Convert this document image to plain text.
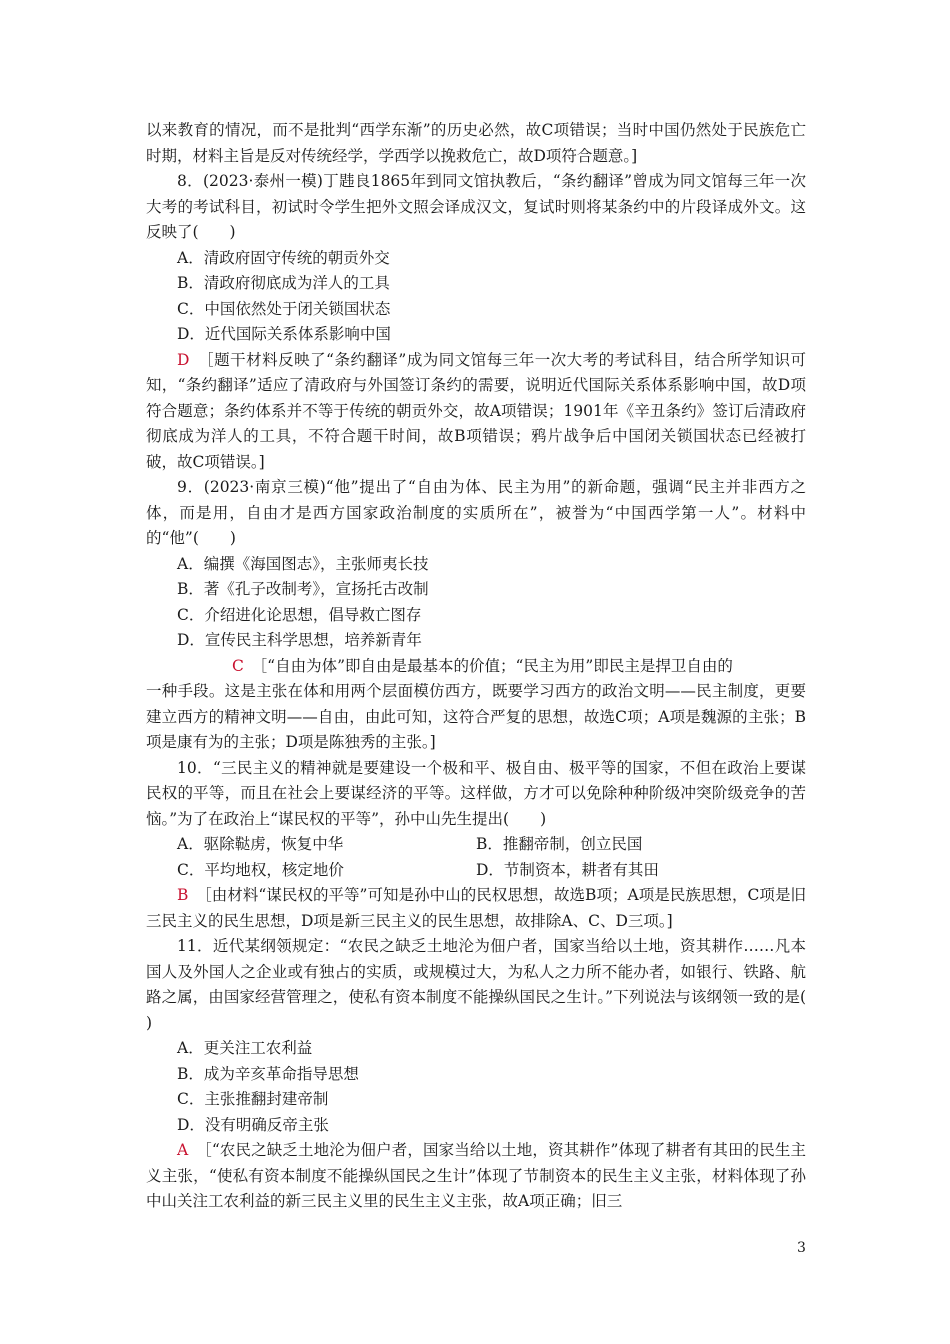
以来教育的情况，而不是批判“西学东渐”的历史必然，故C项错误；当时中国仍然处于民族危亡时期，材料主旨是反对传统经学，学西学以挽救危亡，故D项符合题意。]

8．(2023·泰州一模)丁韪良1865年到同文馆执教后，“条约翻译”曾成为同文馆每三年一次大考的考试科目，初试时令学生把外文照会译成汉文，复试时则将某条约中的片段译成外文。这反映了(　　)

A．清政府固守传统的朝贡外交

B．清政府彻底成为洋人的工具

C．中国依然处于闭关锁国状态

D．近代国际关系体系影响中国

D　 ［题干材料反映了“条约翻译”成为同文馆每三年一次大考的考试科目，结合所学知识可知，“条约翻译”适应了清政府与外国签订条约的需要，说明近代国际关系体系影响中国，故D项符合题意；条约体系并不等于传统的朝贡外交，故A项错误；1901年《辛丑条约》签订后清政府彻底成为洋人的工具，不符合题干时间，故B项错误；鸦片战争后中国闭关锁国状态已经被打破，故C项错误。]

9．(2023·南京三模)“他”提出了“自由为体、民主为用”的新命题，强调“民主并非西方之体，而是用，自由才是西方国家政治制度的实质所在”，被誉为“中国西学第一人”。材料中的“他”(　　)

A．编撰《海国图志》，主张师夷长技

B．著《孔子改制考》，宣扬托古改制

C．介绍进化论思想，倡导救亡图存

D．宣传民主科学思想，培养新青年

C　 ［“自由为体”即自由是最基本的价值；“民主为用”即民主是捍卫自由的

一种手段。这是主张在体和用两个层面模仿西方，既要学习西方的政治文明——民主制度，更要建立西方的精神文明——自由，由此可知，这符合严复的思想，故选C项；A项是魏源的主张；B项是康有为的主张；D项是陈独秀的主张。]

10．“三民主义的精神就是要建设一个极和平、极自由、极平等的国家，不但在政治上要谋民权的平等，而且在社会上要谋经济的平等。这样做，方才可以免除种种阶级冲突阶级竞争的苦恼。”为了在政治上“谋民权的平等”，孙中山先生提出(　　)

A．驱除鞑虏，恢复中华	B．推翻帝制，创立民国
C．平均地权，核定地价	D．节制资本，耕者有其田

B　 ［由材料“谋民权的平等”可知是孙中山的民权思想，故选B项；A项是民族思想，C项是旧三民主义的民生思想，D项是新三民主义的民生思想，故排除A、C、D三项。]

11．近代某纲领规定：“农民之缺乏土地沦为佃户者，国家当给以土地，资其耕作……凡本国人及外国人之企业或有独占的实质，或规模过大，为私人之力所不能办者，如银行、铁路、航路之属，由国家经营管理之，使私有资本制度不能操纵国民之生计。”下列说法与该纲领一致的是(　　)

A．更关注工农利益

B．成为辛亥革命指导思想

C．主张推翻封建帝制

D．没有明确反帝主张

A　 ［“农民之缺乏土地沦为佃户者，国家当给以土地，资其耕作”体现了耕者有其田的民生主义主张，“使私有资本制度不能操纵国民之生计”体现了节制资本的民生主义主张，材料体现了孙中山关注工农利益的新三民主义里的民生主义主张，故A项正确；旧三

3
